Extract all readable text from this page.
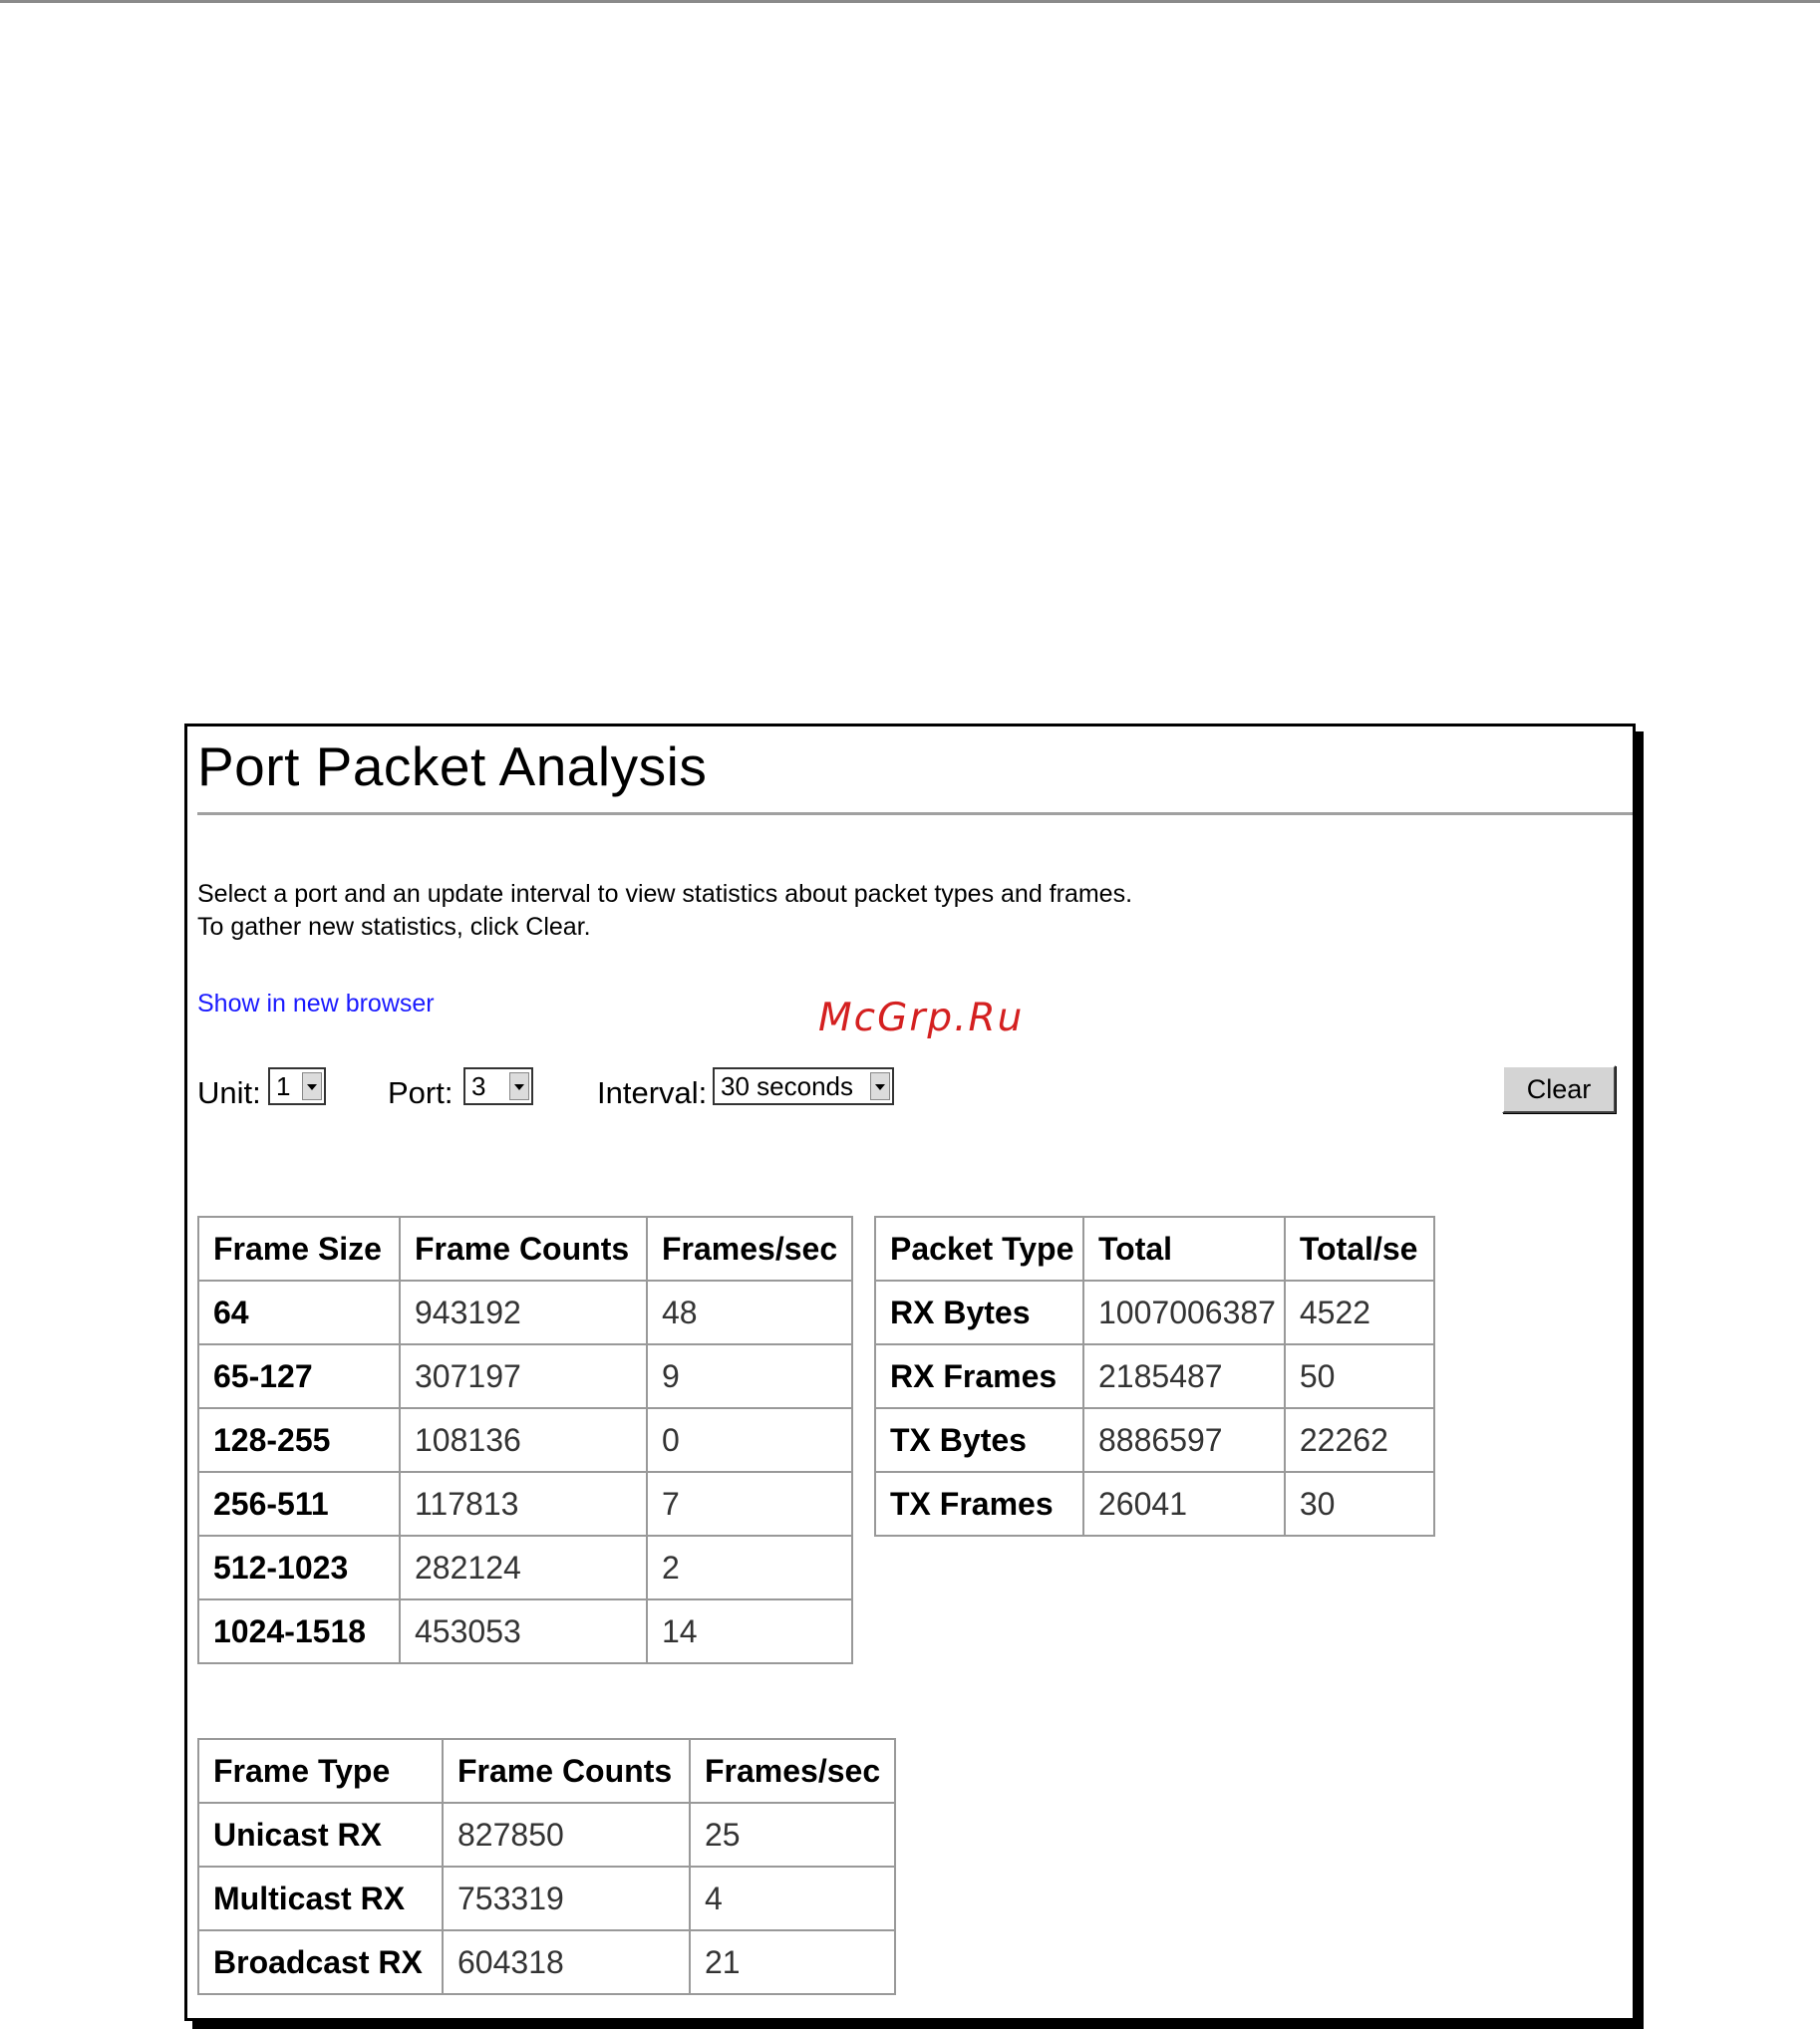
Port Packet Analysis
Select a port and an update interval to view statistics about packet types and frames.
To gather new statistics, click Clear.
Show in new browser	McGrp.Ru
Unit: 1	Port: 3	Interval: 30 seconds	Clear
Frame Size	Frame Counts	Frames/sec
64	943192	48
65-127	307197	9
128-255	108136	0
256-511	117813	7
512-1023	282124	2
1024-1518	453053	14
Packet Type	Total	Total/se
RX Bytes	1007006387	4522
RX Frames	2185487	50
TX Bytes	8886597	22262
TX Frames	26041	30
Frame Type	Frame Counts	Frames/sec
Unicast RX	827850	25
Multicast RX	753319	4
Broadcast RX	604318	21
